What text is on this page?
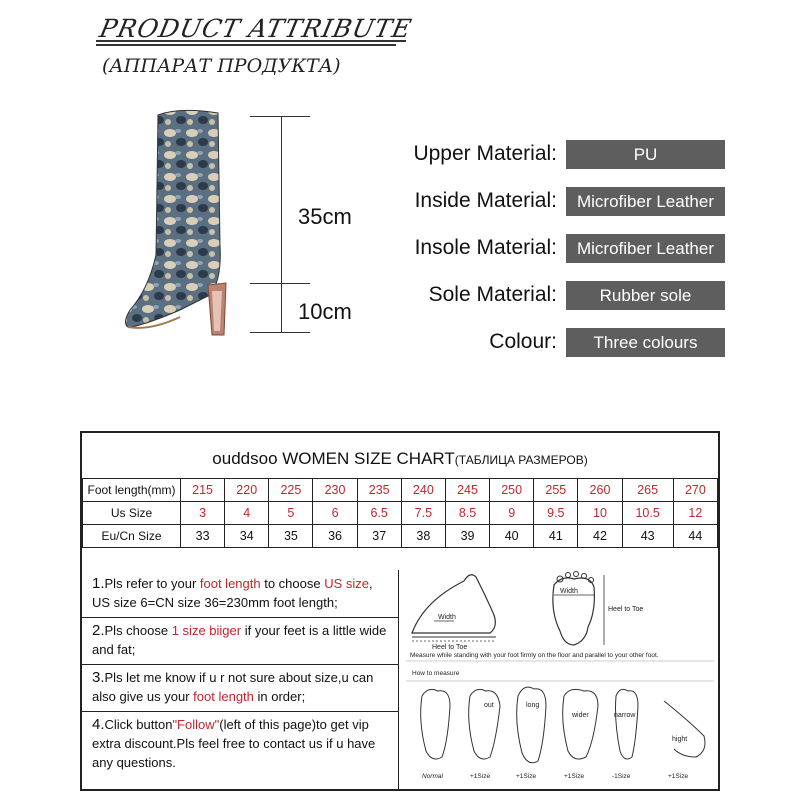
PRODUCT ATTRIBUTE
(АППАРАТ ПРОДУКТА)
35cm
10cm
Upper Material:	PU
Inside Material:	Microfiber Leather
Insole Material:	Microfiber Leather
Sole Material:	Rubber sole
Colour:	Three colours
ouddsoo WOMEN SIZE CHART(ТАБЛИЦА РАЗМЕРОВ)
Foot length(mm)	215	220	225	230	235	240	245	250	255	260	265	270
Us Size	3	4	5	6	6.5	7.5	8.5	9	9.5	10	10.5	12
Eu/Cn Size	33	34	35	36	37	38	39	40	41	42	43	44
1.Pls refer to your foot length to choose US size, US size 6=CN size 36=230mm foot length;
2.Pls choose 1 size biiger if your feet is a little wide and fat;
3.Pls let me know if u r not sure about size,u can also give us your foot length in order;
4.Click button"Follow"(left of this page)to get vip extra discount.Pls feel free to contact us if u have any questions.
Width
Heel to Toe
Width
Heel to Toe
out	long
wider	narrow
hight
Measure while standing with your foot firmly on the floor and parallel to your other foot.
How to measure
Normal	+1Size	+1Size	+1Size	-1Size	+1Size
